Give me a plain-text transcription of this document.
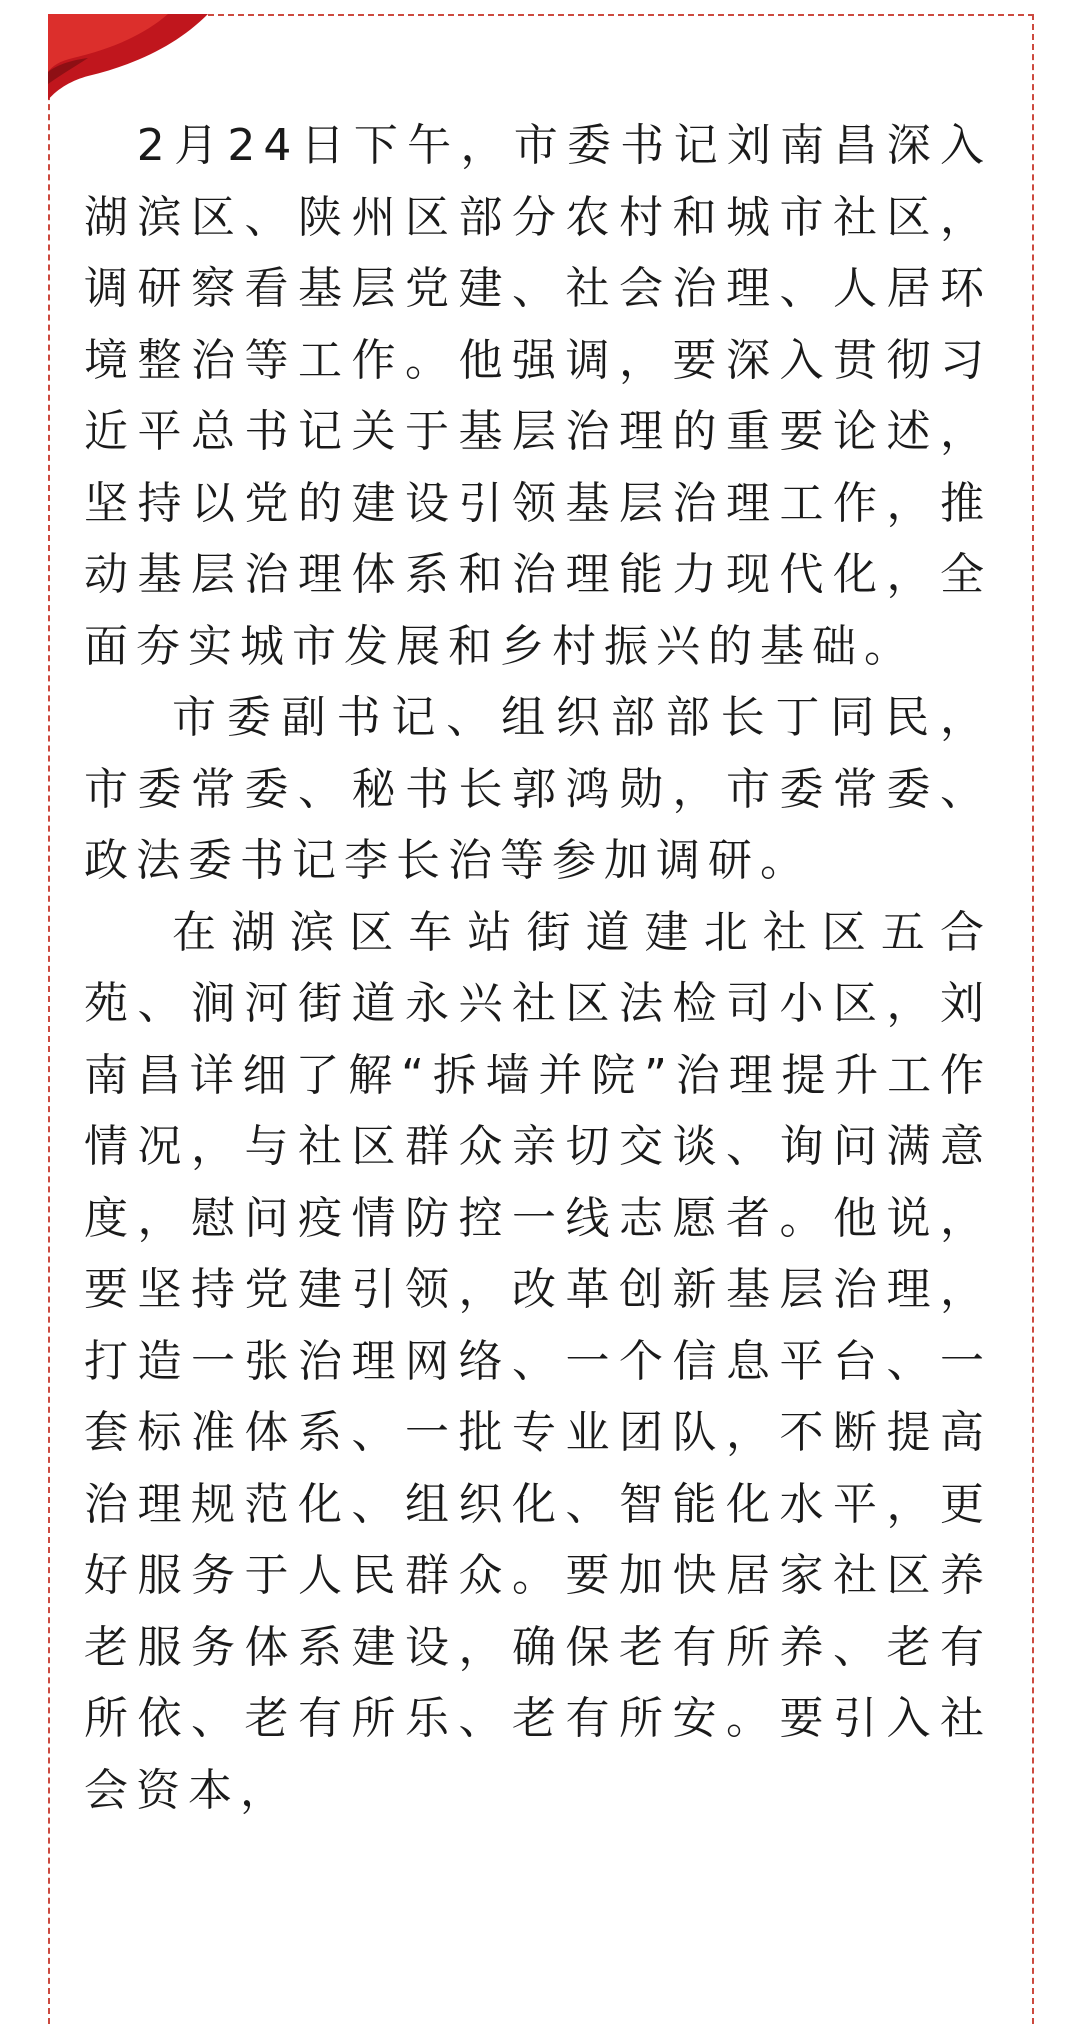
2月24日下午，市委书记刘南昌深入湖滨区、陕州区部分农村和城市社区，调研察看基层党建、社会治理、人居环境整治等工作。他强调，要深入贯彻习近平总书记关于基层治理的重要论述，坚持以党的建设引领基层治理工作，推动基层治理体系和治理能力现代化，全面夯实城市发展和乡村振兴的基础。

市委副书记、组织部部长丁同民，市委常委、秘书长郭鸿勋，市委常委、政法委书记李长治等参加调研。

在湖滨区车站街道建北社区五合苑、涧河街道永兴社区法检司小区，刘南昌详细了解“拆墙并院”治理提升工作情况，与社区群众亲切交谈、询问满意度，慰问疫情防控一线志愿者。他说，要坚持党建引领，改革创新基层治理，打造一张治理网络、一个信息平台、一套标准体系、一批专业团队，不断提高治理规范化、组织化、智能化水平，更好服务于人民群众。要加快居家社区养老服务体系建设，确保老有所养、老有所依、老有所乐、老有所安。要引入社会资本，
